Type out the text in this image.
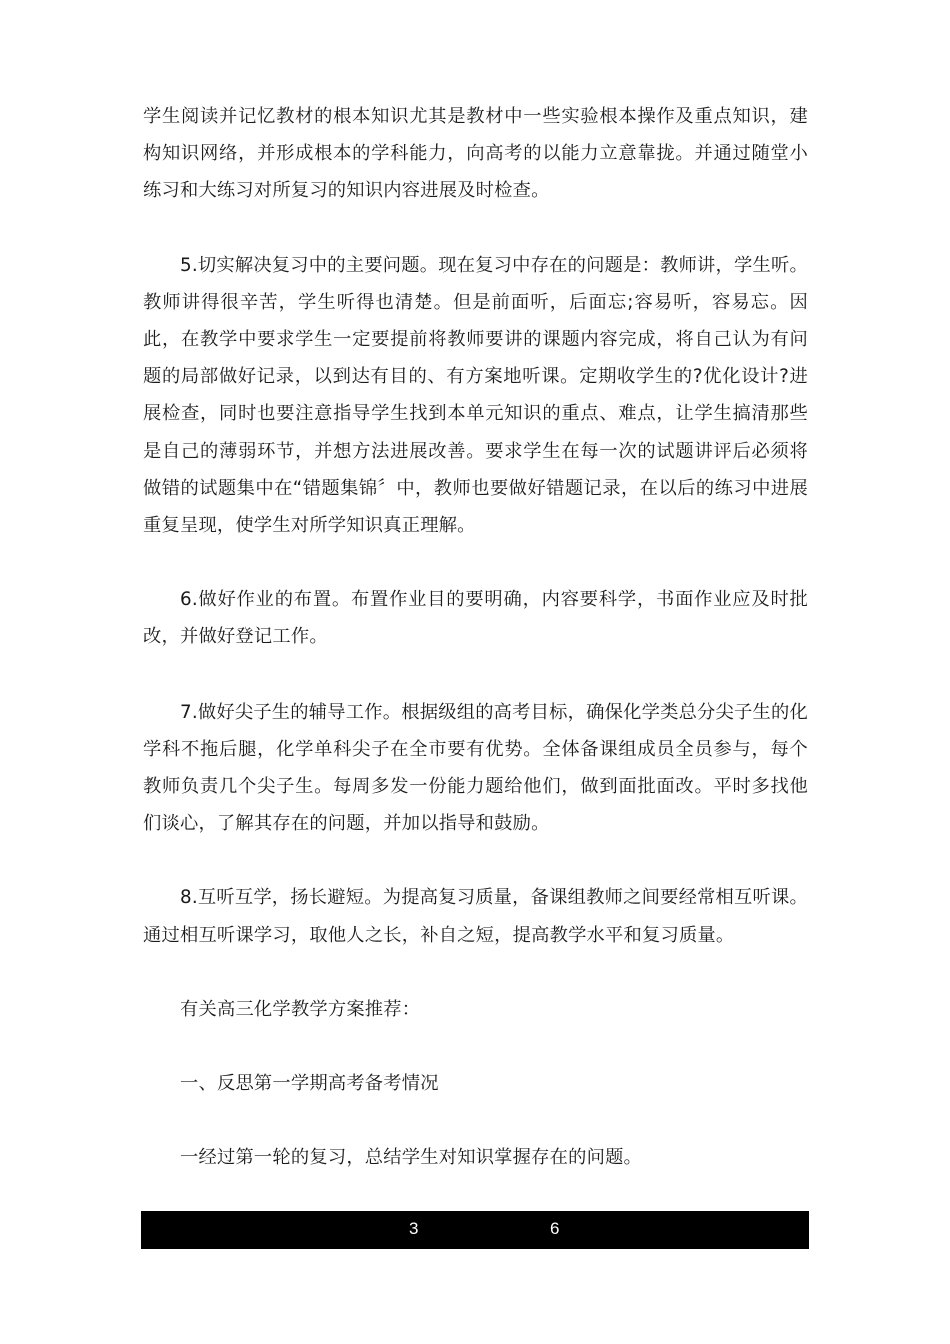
学生阅读并记忆教材的根本知识尤其是教材中一些实验根本操作及重点知识，建构知识网络，并形成根本的学科能力，向高考的以能力立意靠拢。并通过随堂小练习和大练习对所复习的知识内容进展及时检查。

5.切实解决复习中的主要问题。现在复习中存在的问题是：教师讲，学生听。教师讲得很辛苦，学生听得也清楚。但是前面听，后面忘;容易听，容易忘。因此，在教学中要求学生一定要提前将教师要讲的课题内容完成，将自己认为有问题的局部做好记录，以到达有目的、有方案地听课。定期收学生的?优化设计?进展检查，同时也要注意指导学生找到本单元知识的重点、难点，让学生搞清那些是自己的薄弱环节，并想方法进展改善。要求学生在每一次的试题讲评后必须将做错的试题集中在“错题集锦〞中，教师也要做好错题记录，在以后的练习中进展重复呈现，使学生对所学知识真正理解。

6.做好作业的布置。布置作业目的要明确，内容要科学，书面作业应及时批改，并做好登记工作。

7.做好尖子生的辅导工作。根据级组的高考目标，确保化学类总分尖子生的化学科不拖后腿，化学单科尖子在全市要有优势。全体备课组成员全员参与，每个教师负责几个尖子生。每周多发一份能力题给他们，做到面批面改。平时多找他们谈心，了解其存在的问题，并加以指导和鼓励。

8.互听互学，扬长避短。为提高复习质量，备课组教师之间要经常相互听课。通过相互听课学习，取他人之长，补自之短，提高教学水平和复习质量。

有关高三化学教学方案推荐：

一、反思第一学期高考备考情况

一经过第一轮的复习，总结学生对知识掌握存在的问题。

3	6
